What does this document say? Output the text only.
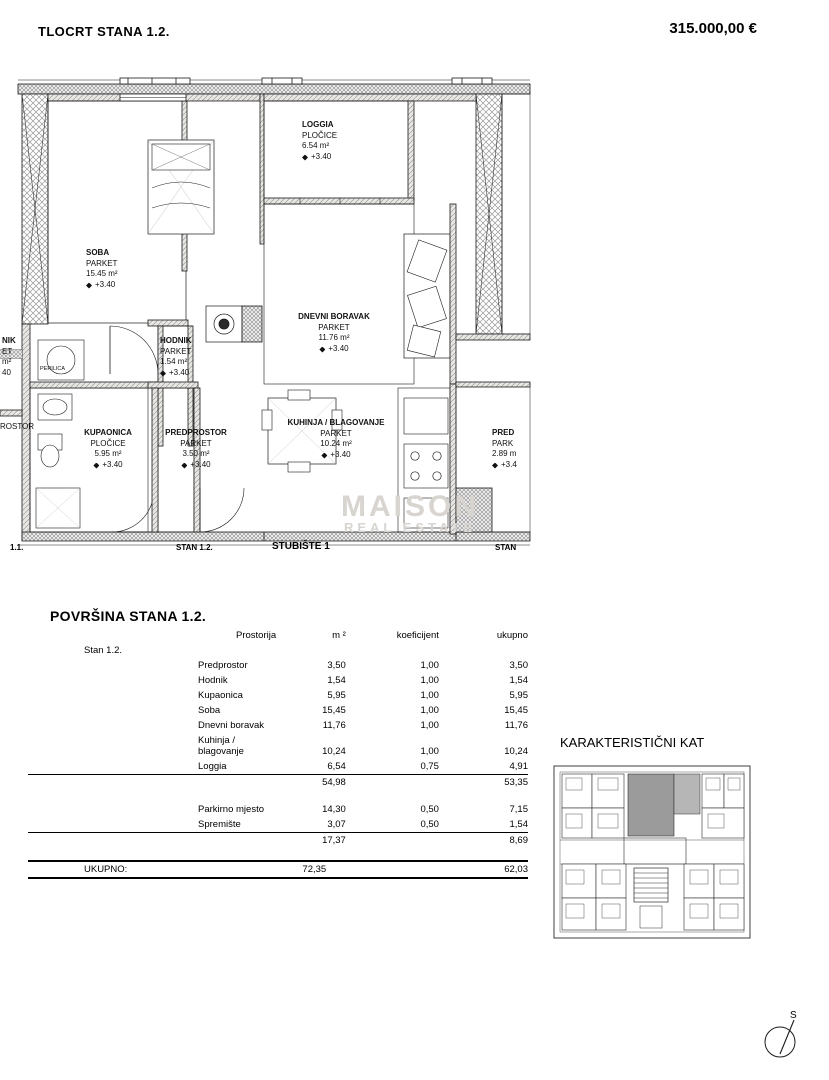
TLOCRT STANA 1.2.	315.000,00 €
LOGGIA
PLOČICE
6.54 m²
+3.40
SOBA
PARKET
15.45 m²
+3.40
DNEVNI BORAVAK
PARKET
11.76 m²
+3.40
HODNIK
PARKET
1.54 m²
+3.40
KUPAONICA
PLOČICE
5.95 m²
+3.40
PREDPROSTOR
PARKET
3.50 m²
+3.40
KUHINJA / BLAGOVANJE
PARKET
10.24 m²
+3.40
NIK
ET
m²
40
ROSTOR
PERILICA
PRED
PARK
2.89 m
+3.4
1.1.	STAN 1.2.	STUBIŠTE 1	STAN
MAISON
REAL ESTATE
POVRŠINA STANA 1.2.
Prostorija	m ²	koeficijent	ukupno
Stan 1.2.			
Predprostor	3,50	1,00	3,50
Hodnik	1,54	1,00	1,54
Kupaonica	5,95	1,00	5,95
Soba	15,45	1,00	15,45
Dnevni boravak	11,76	1,00	11,76
Kuhinja / blagovanje	10,24	1,00	10,24
Loggia	6,54	0,75	4,91
	54,98		53,35

Parkirno mjesto	14,30	0,50	7,15
Spremište	3,07	0,50	1,54
	17,37		8,69

UKUPNO:	72,35		62,03
KARAKTERISTIČNI KAT
S
